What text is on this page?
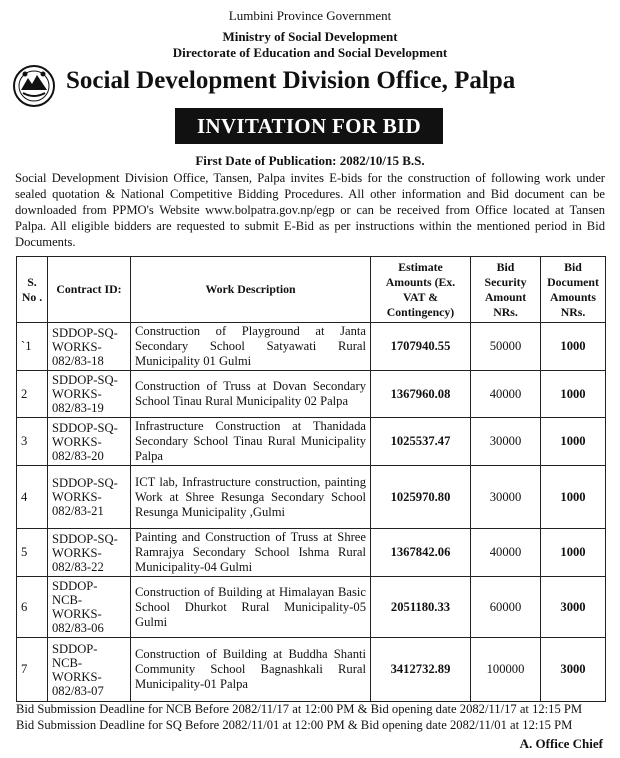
Lumbini Province Government
Ministry of Social Development
Directorate of Education and Social Development
Social Development Division Office, Palpa
INVITATION FOR BID
First Date of Publication: 2082/10/15 B.S.
Social Development Division Office, Tansen, Palpa invites E-bids for the construction of following work under sealed quotation & National Competitive Bidding Procedures. All other information and Bid document can be downloaded from PPMO's Website www.bolpatra.gov.np/egp or can be received from Office located at Tansen Palpa. All eligible bidders are requested to submit E-Bid as per instructions within the mentioned period in Bid Documents.
S. No .	Contract ID:	Work Description	Estimate Amounts (Ex. VAT & Contingency)	Bid Security Amount NRs.	Bid Document Amounts NRs.
`1	SDDOP-SQ-WORKS-082/83-18	Construction of Playground at Janta Secondary School Satyawati Rural Municipality 01 Gulmi	1707940.55	50000	1000
2	SDDOP-SQ-WORKS-082/83-19	Construction of Truss at Dovan Secondary School Tinau Rural Municipality 02 Palpa	1367960.08	40000	1000
3	SDDOP-SQ-WORKS-082/83-20	Infrastructure Construction at Thanidada Secondary School Tinau Rural Municipality Palpa	1025537.47	30000	1000
4	SDDOP-SQ-WORKS-082/83-21	ICT lab, Infrastructure construction, painting Work at Shree Resunga Secondary School Resunga Municipality ,Gulmi	1025970.80	30000	1000
5	SDDOP-SQ-WORKS-082/83-22	Painting and Construction of Truss at Shree Ramrajya Secondary School Ishma Rural Municipality-04 Gulmi	1367842.06	40000	1000
6	SDDOP-NCB-WORKS-082/83-06	Construction of Building at Himalayan Basic School Dhurkot Rural Municipality-05 Gulmi	2051180.33	60000	3000
7	SDDOP-NCB-WORKS-082/83-07	Construction of Building at Buddha Shanti Community School Bagnashkali Rural Municipality-01 Palpa	3412732.89	100000	3000
Bid Submission Deadline for NCB Before 2082/11/17 at 12:00 PM & Bid opening date 2082/11/17 at 12:15 PM
Bid Submission Deadline for SQ Before 2082/11/01 at 12:00 PM & Bid opening date 2082/11/01 at 12:15 PM
A. Office Chief
